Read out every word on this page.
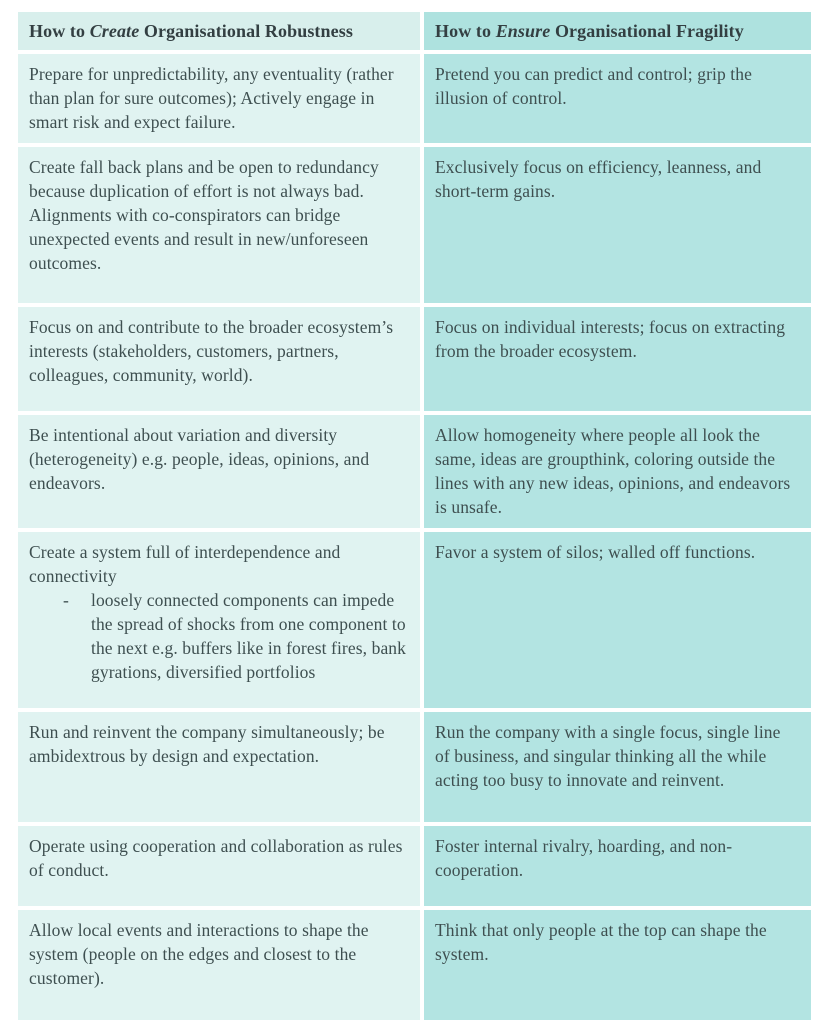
How to Create Organisational Robustness	How to Ensure Organisational Fragility
Prepare for unpredictability, any eventuality (rather than plan for sure outcomes); Actively engage in smart risk and expect failure.
Pretend you can predict and control; grip the illusion of control.
Create fall back plans and be open to redundancy because duplication of effort is not always bad. Alignments with co-conspirators can bridge unexpected events and result in new/unforeseen outcomes.
Exclusively focus on efficiency, leanness, and short-term gains.
Focus on and contribute to the broader ecosystem’s interests (stakeholders, customers, partners, colleagues, community, world).
Focus on individual interests; focus on extracting from the broader ecosystem.
Be intentional about variation and diversity (heterogeneity) e.g. people, ideas, opinions, and endeavors.
Allow homogeneity where people all look the same, ideas are groupthink, coloring outside the lines with any new ideas, opinions, and endeavors is unsafe.
Create a system full of interdependence and connectivity
-	loosely connected components can impede the spread of shocks from one component to the next e.g. buffers like in forest fires, bank gyrations, diversified portfolios
Favor a system of silos; walled off functions.
Run and reinvent the company simultaneously; be ambidextrous by design and expectation.
Run the company with a single focus, single line of business, and singular thinking all the while acting too busy to innovate and reinvent.
Operate using cooperation and collaboration as rules of conduct.
Foster internal rivalry, hoarding, and non-cooperation.
Allow local events and interactions to shape the system (people on the edges and closest to the customer).
Think that only people at the top can shape the system.
